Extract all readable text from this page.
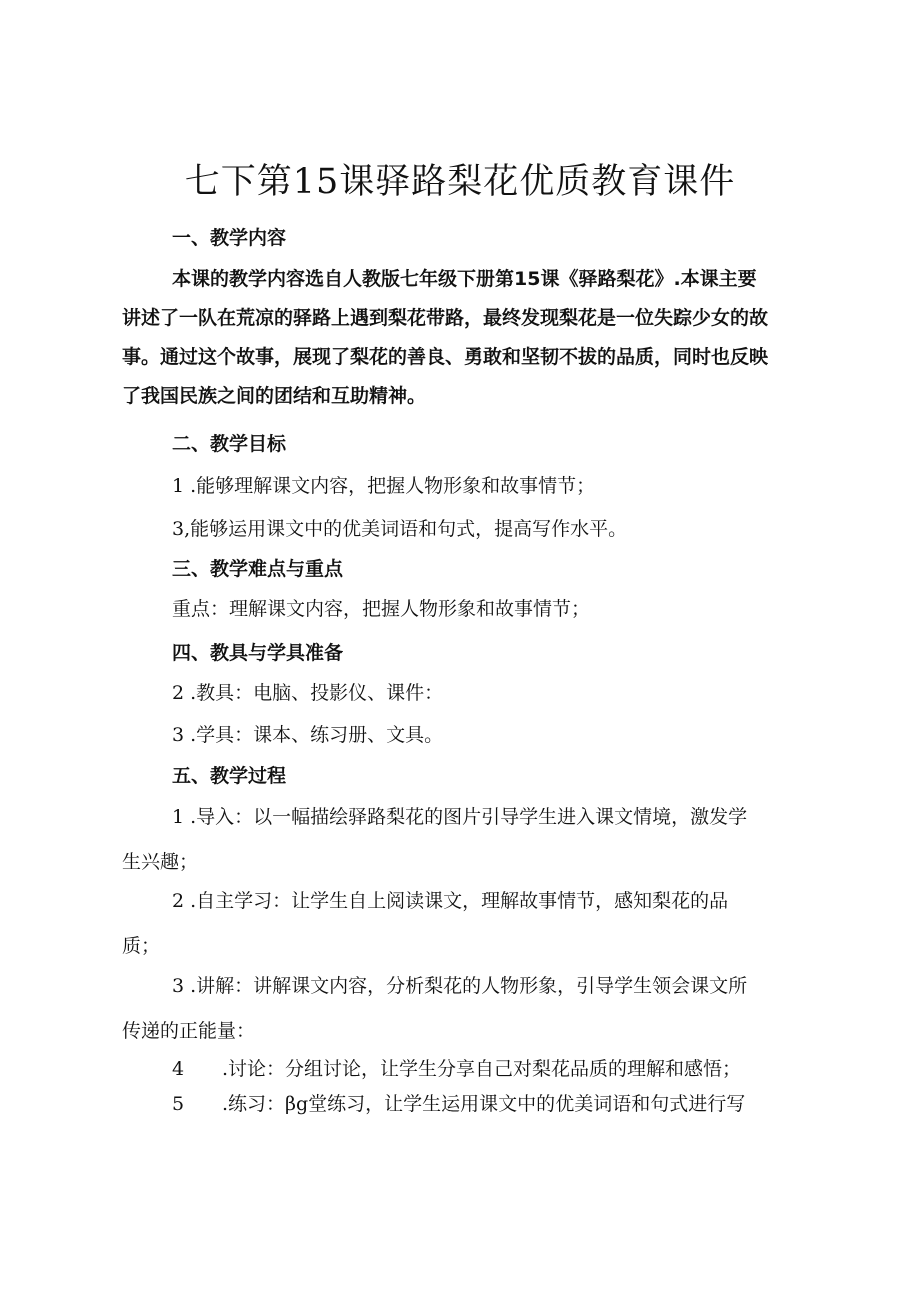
七下第15课驿路梨花优质教育课件
一、教学内容

本课的教学内容选自人教版七年级下册第15课《驿路梨花》.本课主要
讲述了一队在荒凉的驿路上遇到梨花带路，最终发现梨花是一位失踪少女的故事。通过这个故事，展现了梨花的善良、勇敢和坚韧不拔的品质，同时也反映了我国民族之间的团结和互助精神。

二、教学目标

1 .能够理解课文内容，把握人物形象和故事情节；

3,能够运用课文中的优美词语和句式，提高写作水平。

三、教学难点与重点

重点：理解课文内容，把握人物形象和故事情节；

四、教具与学具准备

2 .教具：电脑、投影仪、课件：

3 .学具：课本、练习册、文具。

五、教学过程
1 .导入：以一幅描绘驿路梨花的图片引导学生进入课文情境，激发学
生兴趣；
2 .自主学习：让学生自上阅读课文，理解故事情节，感知梨花的品
质；
3 .讲解：讲解课文内容，分析梨花的人物形象，引导学生领会课文所
传递的正能量：

4 .讨论：分组讨论，让学生分享自己对梨花品质的理解和感悟；

5 .练习：βg堂练习，让学生运用课文中的优美词语和句式进行写
